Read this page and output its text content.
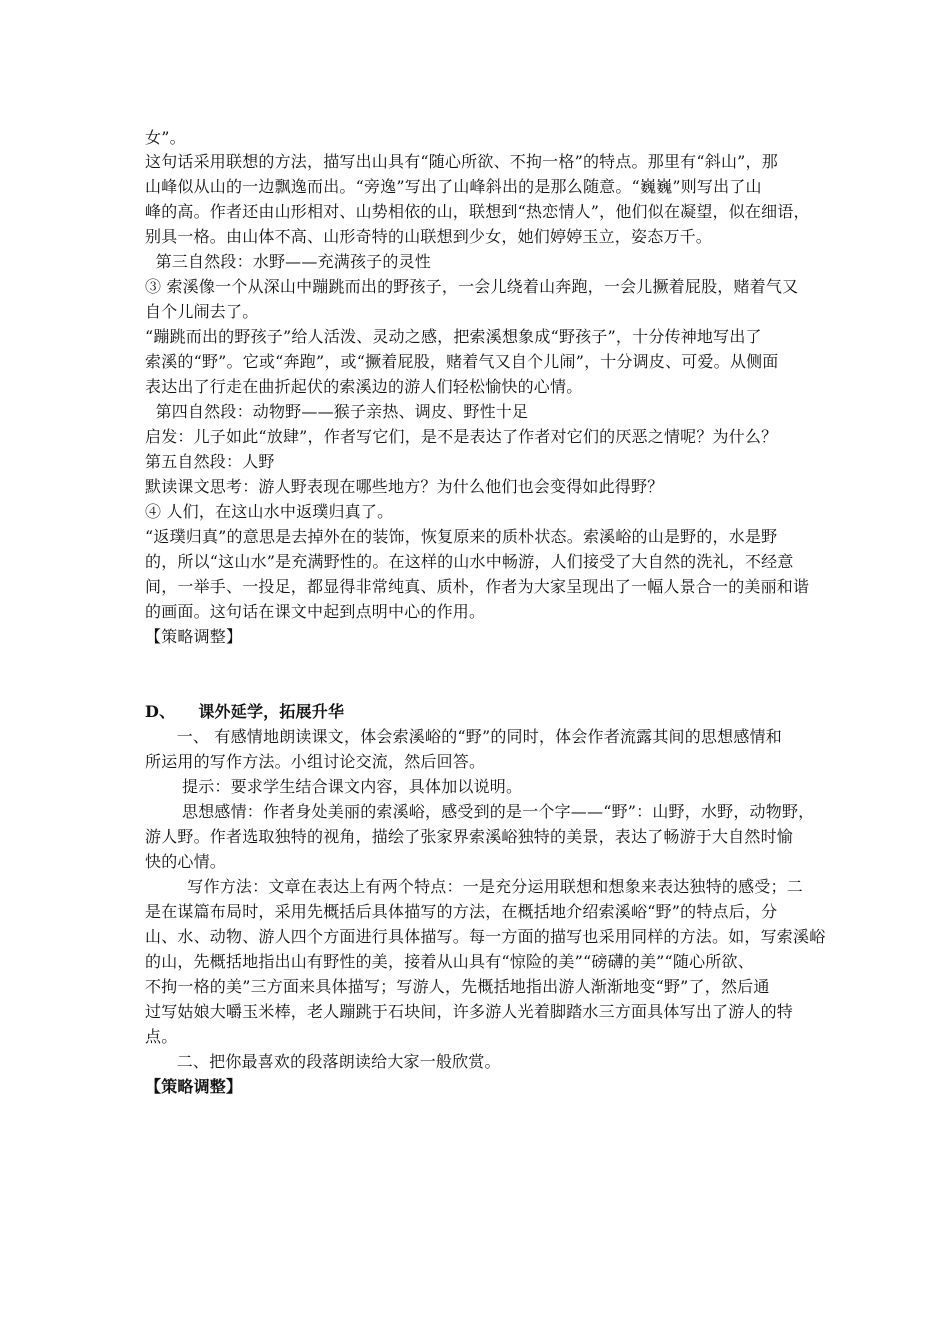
女”。
这句话采用联想的方法，描写出山具有“随心所欲、不拘一格”的特点。那里有“斜山”，那
山峰似从山的一边飘逸而出。“旁逸”写出了山峰斜出的是那么随意。“巍巍”则写出了山
峰的高。作者还由山形相对、山势相依的山，联想到“热恋情人”，他们似在凝望，似在细语，
别具一格。由山体不高、山形奇特的山联想到少女，她们婷婷玉立，姿态万千。
第三自然段：水野——充满孩子的灵性
③ 索溪像一个从深山中蹦跳而出的野孩子，一会儿绕着山奔跑，一会儿撅着屁股，赌着气又
自个儿闹去了。
“蹦跳而出的野孩子”给人活泼、灵动之感，把索溪想象成“野孩子”，十分传神地写出了
索溪的“野”。它或“奔跑”，或“撅着屁股，赌着气又自个儿闹”，十分调皮、可爱。从侧面
表达出了行走在曲折起伏的索溪边的游人们轻松愉快的心情。
第四自然段：动物野——猴子亲热、调皮、野性十足
启发：儿子如此“放肆”，作者写它们，是不是表达了作者对它们的厌恶之情呢？为什么？
第五自然段：人野
默读课文思考：游人野表现在哪些地方？为什么他们也会变得如此得野？
④ 人们，在这山水中返璞归真了。
“返璞归真”的意思是去掉外在的装饰，恢复原来的质朴状态。索溪峪的山是野的，水是野
的，所以“这山水”是充满野性的。在这样的山水中畅游，人们接受了大自然的洗礼，不经意
间，一举手、一投足，都显得非常纯真、质朴，作者为大家呈现出了一幅人景合一的美丽和谐
的画面。这句话在课文中起到点明中心的作用。
【策略调整】
D、    课外延学，拓展升华
一、 有感情地朗读课文，体会索溪峪的“野”的同时，体会作者流露其间的思想感情和
所运用的写作方法。小组讨论交流，然后回答。
提示：要求学生结合课文内容，具体加以说明。
思想感情：作者身处美丽的索溪峪，感受到的是一个字——“野”：山野，水野，动物野，
游人野。作者选取独特的视角，描绘了张家界索溪峪独特的美景，表达了畅游于大自然时愉
快的心情。
写作方法：文章在表达上有两个特点：一是充分运用联想和想象来表达独特的感受；二
是在谋篇布局时，采用先概括后具体描写的方法，在概括地介绍索溪峪“野”的特点后，分
山、水、动物、游人四个方面进行具体描写。每一方面的描写也采用同样的方法。如，写索溪峪
的山，先概括地指出山有野性的美，接着从山具有“惊险的美”“磅礴的美”“随心所欲、
不拘一格的美”三方面来具体描写；写游人，先概括地指出游人渐渐地变“野”了，然后通
过写姑娘大嚼玉米棒，老人蹦跳于石块间，许多游人光着脚踏水三方面具体写出了游人的特
点。
二、把你最喜欢的段落朗读给大家一般欣赏。
【策略调整】
